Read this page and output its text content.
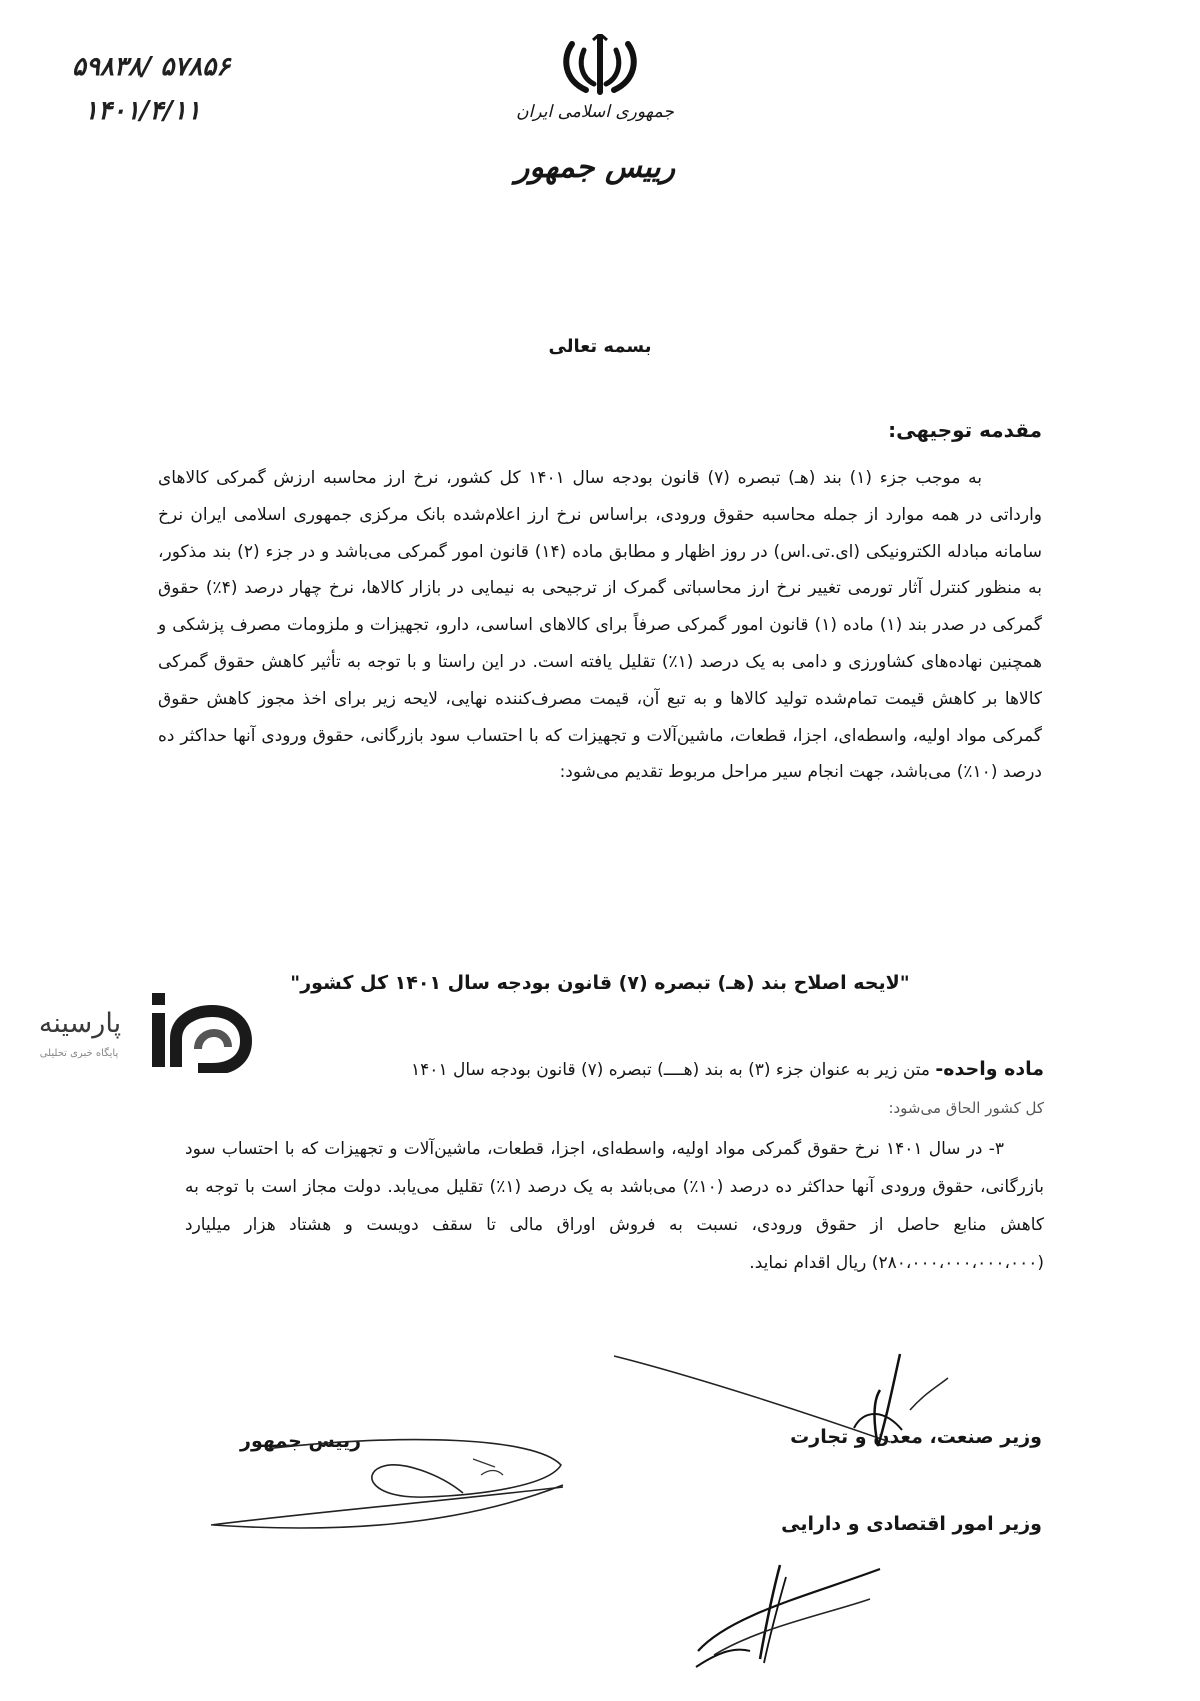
۵۹۸۳۸/ ۵۷۸۵۶
۱۴۰۱/۴/۱۱	جمهوری اسلامی ایران
رییس جمهور
بسمه تعالی
مقدمه توجیهی:

به موجب جزء (۱) بند (هـ) تبصره (۷) قانون بودجه سال ۱۴۰۱ کل کشور، نرخ ارز محاسبه ارزش گمرکی کالاهای وارداتی در همه موارد از جمله محاسبه حقوق ورودی، براساس نرخ ارز اعلام‌شده بانک مرکزی جمهوری اسلامی ایران نرخ سامانه مبادله الکترونیکی (ای.تی.اس) در روز اظهار و مطابق ماده (۱۴) قانون امور گمرکی می‌باشد و در جزء (۲) بند مذکور، به منظور کنترل آثار تورمی تغییر نرخ ارز محاسباتی گمرک از ترجیحی به نیمایی در بازار کالاها، نرخ چهار درصد (۴٪) حقوق گمرکی در صدر بند (۱) ماده (۱) قانون امور گمرکی صرفاً برای کالاهای اساسی، دارو، تجهیزات و ملزومات مصرف پزشکی و همچنین نهاده‌های کشاورزی و دامی به یک درصد (۱٪) تقلیل یافته است. در این راستا و با توجه به تأثیر کاهش حقوق گمرکی کالاها بر کاهش قیمت تمام‌شده تولید کالاها و به تبع آن، قیمت مصرف‌کننده نهایی، لایحه زیر برای اخذ مجوز کاهش حقوق گمرکی مواد اولیه، واسطه‌ای، اجزا، قطعات، ماشین‌آلات و تجهیزات که با احتساب سود بازرگانی، حقوق ورودی آنها حداکثر ده درصد (۱۰٪) می‌باشد، جهت انجام سیر مراحل مربوط تقدیم می‌شود:

پارسینه
پایگاه خبری تحلیلی
"لایحه اصلاح بند (هـ) تبصره (۷) قانون بودجه سال ۱۴۰۱ کل کشور"
ماده واحده- متن زیر به عنوان جزء (۳) به بند (هــــ) تبصره (۷) قانون بودجه سال ۱۴۰۱
کل کشور الحاق می‌شود:

۳- در سال ۱۴۰۱ نرخ حقوق گمرکی مواد اولیه، واسطه‌ای، اجزا، قطعات، ماشین‌آلات و تجهیزات که با احتساب سود بازرگانی، حقوق ورودی آنها حداکثر ده درصد (۱۰٪) می‌باشد به یک درصد (۱٪) تقلیل می‌یابد. دولت مجاز است با توجه به کاهش منابع حاصل از حقوق ورودی، نسبت به فروش اوراق مالی تا سقف دویست و هشتاد هزار میلیارد (۲۸۰،۰۰۰،۰۰۰،۰۰۰،۰۰۰) ریال اقدام نماید.

وزیر صنعت، معدن و تجارت
رییس جمهور
وزیر امور اقتصادی و دارایی
